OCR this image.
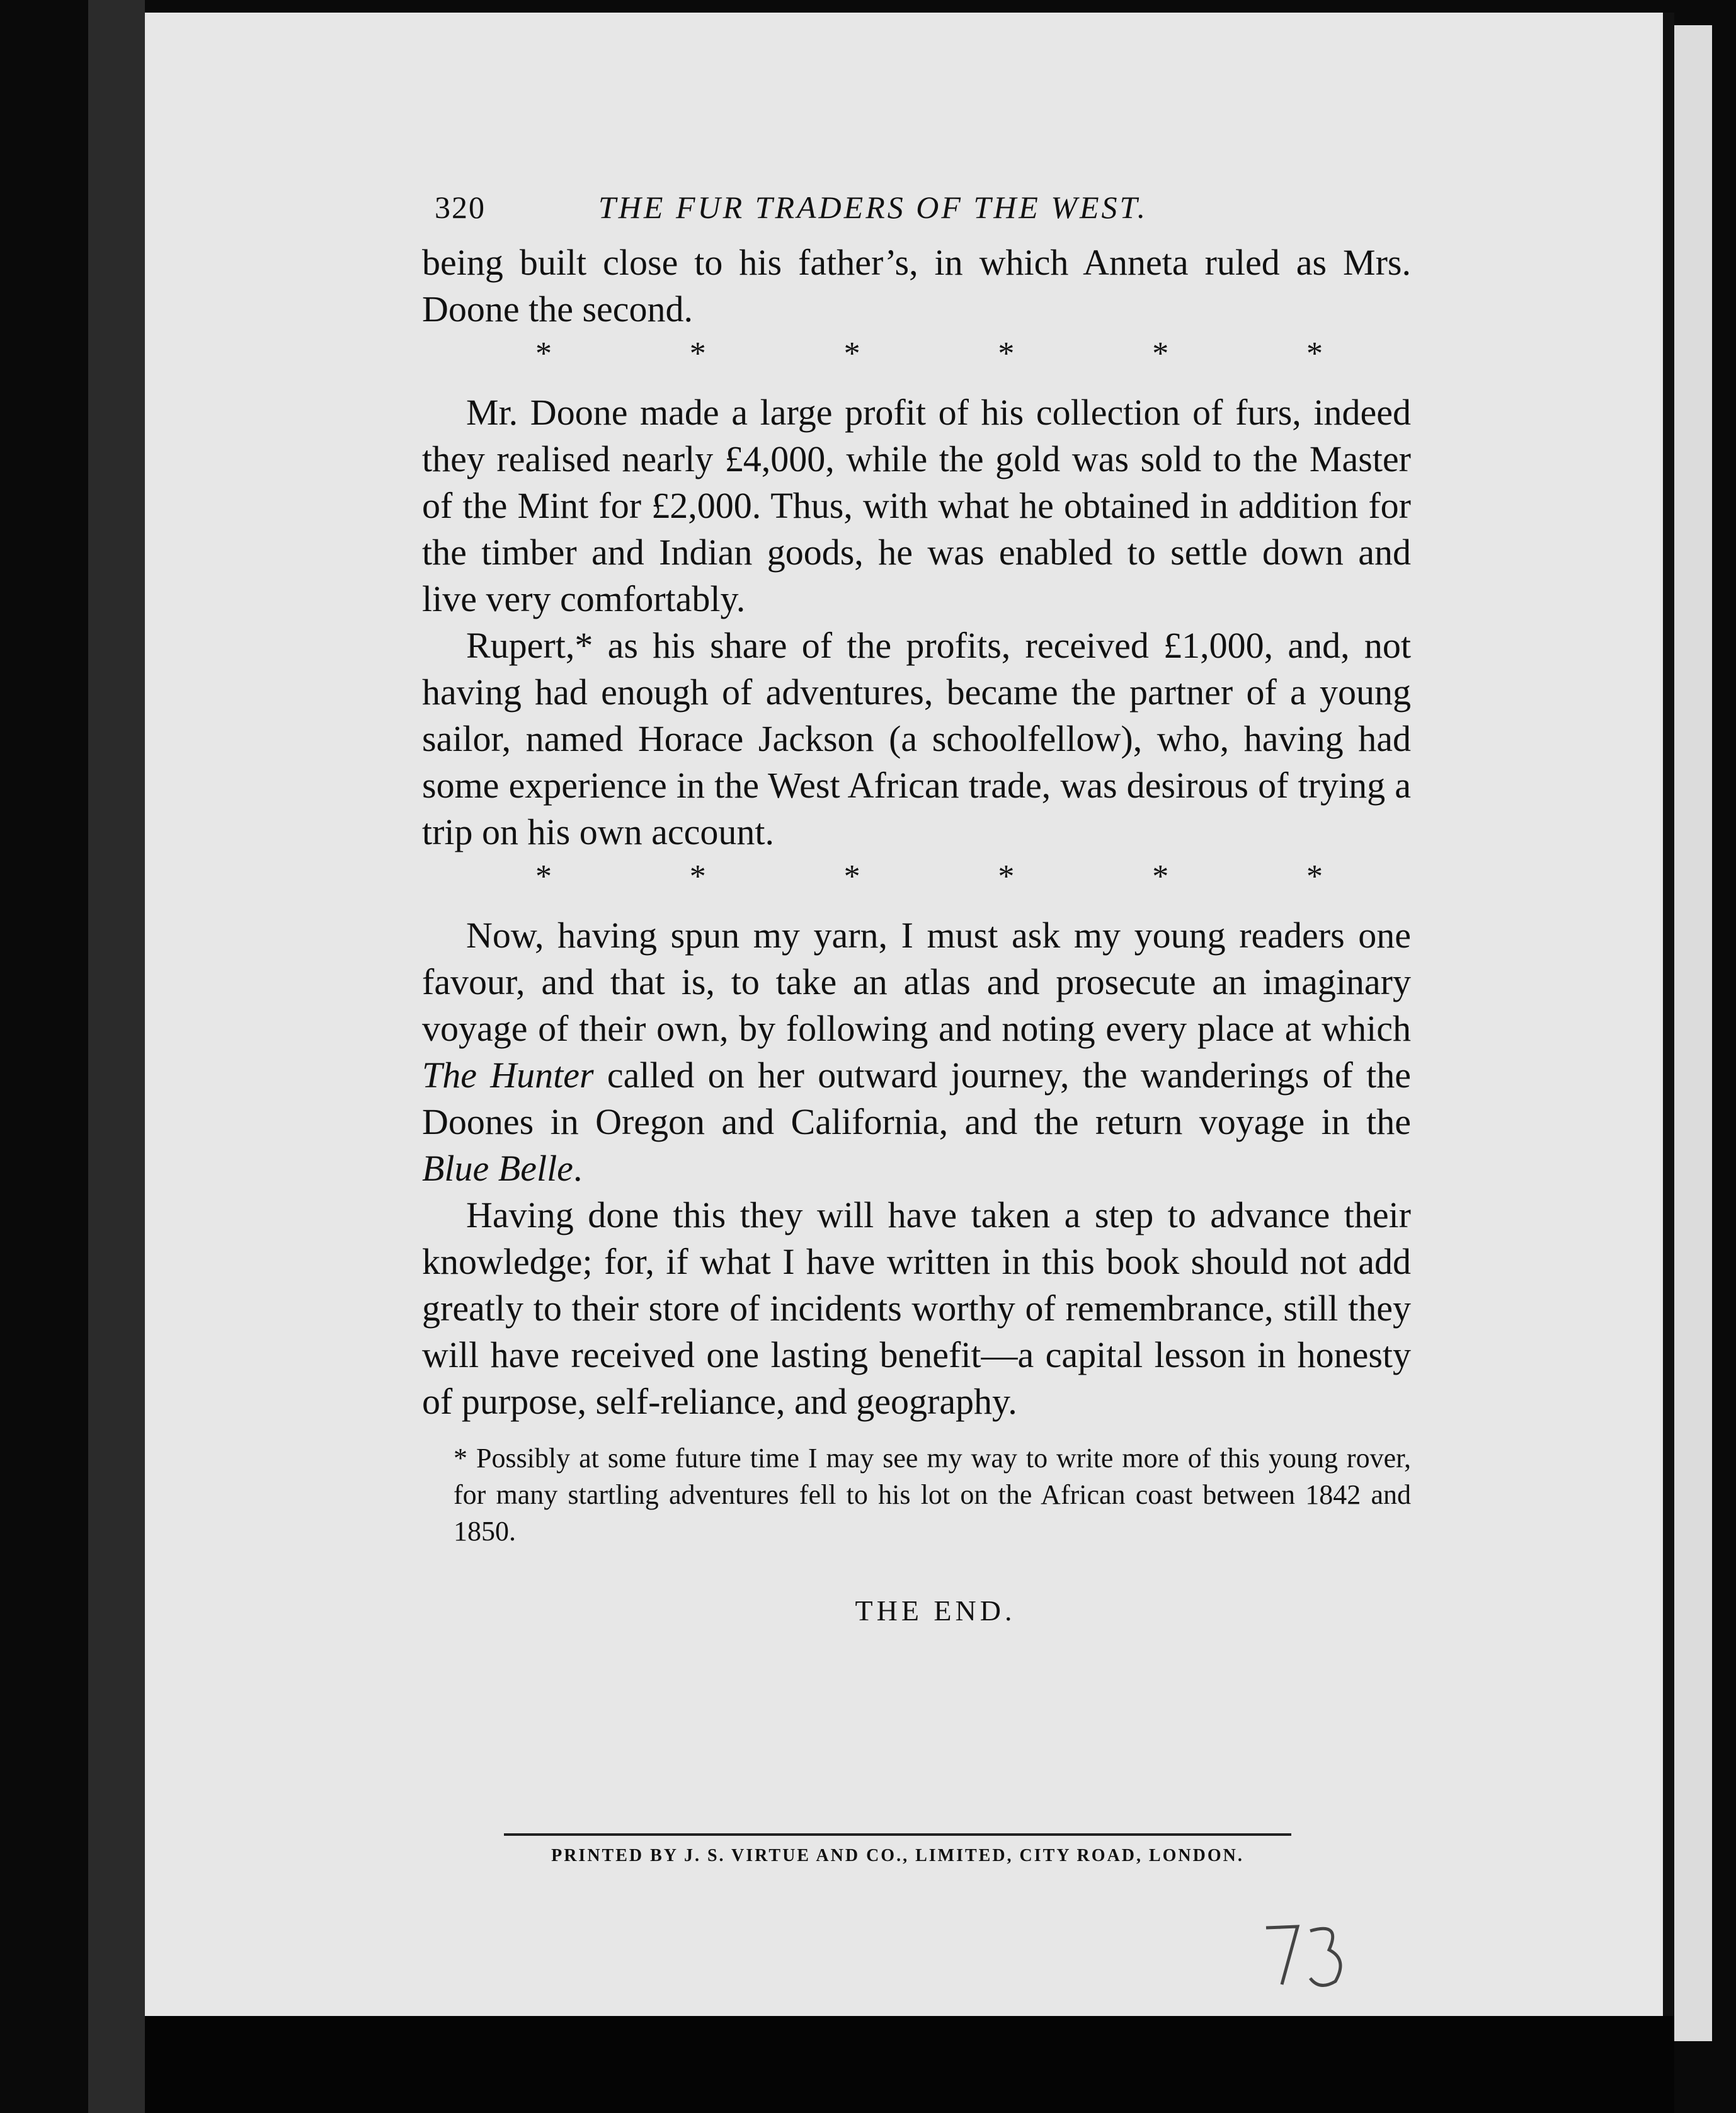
320	THE FUR TRADERS OF THE WEST.

being built close to his father’s, in which Anneta ruled as Mrs. Doone the second.

*	*	*	*	*	*

Mr. Doone made a large profit of his collection of furs, indeed they realised nearly £4,000, while the gold was sold to the Master of the Mint for £2,000. Thus, with what he obtained in addition for the timber and Indian goods, he was enabled to settle down and live very comfortably.

Rupert,* as his share of the profits, received £1,000, and, not having had enough of adventures, became the partner of a young sailor, named Horace Jackson (a schoolfellow), who, having had some experience in the West African trade, was desirous of trying a trip on his own account.

*	*	*	*	*	*

Now, having spun my yarn, I must ask my young readers one favour, and that is, to take an atlas and prosecute an imaginary voyage of their own, by following and noting every place at which The Hunter called on her outward journey, the wanderings of the Doones in Oregon and California, and the return voyage in the Blue Belle.

Having done this they will have taken a step to advance their knowledge; for, if what I have written in this book should not add greatly to their store of incidents worthy of remembrance, still they will have received one lasting benefit—a capital lesson in honesty of purpose, self-reliance, and geography.

* Possibly at some future time I may see my way to write more of this young rover, for many startling adventures fell to his lot on the African coast between 1842 and 1850.
THE END.
PRINTED BY J. S. VIRTUE AND CO., LIMITED, CITY ROAD, LONDON.
